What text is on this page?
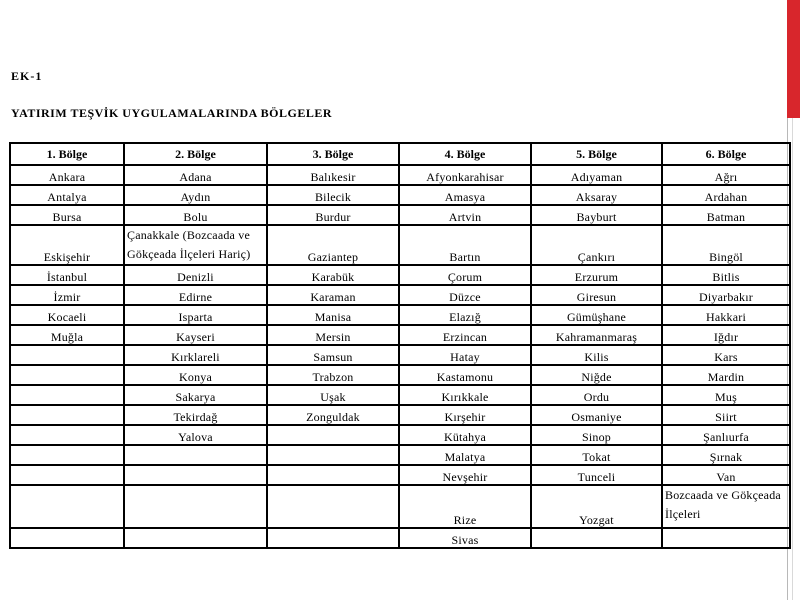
EK-1
YATIRIM TEŞVİK UYGULAMALARINDA BÖLGELER
1. Bölge	2. Bölge	3. Bölge	4. Bölge	5. Bölge	6. Bölge
Ankara	Adana	Balıkesir	Afyonkarahisar	Adıyaman	Ağrı
Antalya	Aydın	Bilecik	Amasya	Aksaray	Ardahan
Bursa	Bolu	Burdur	Artvin	Bayburt	Batman
Eskişehir	Çanakkale (Bozcaada ve Gökçeada İlçeleri Hariç)	Gaziantep	Bartın	Çankırı	Bingöl
İstanbul	Denizli	Karabük	Çorum	Erzurum	Bitlis
İzmir	Edirne	Karaman	Düzce	Giresun	Diyarbakır
Kocaeli	Isparta	Manisa	Elazığ	Gümüşhane	Hakkari
Muğla	Kayseri	Mersin	Erzincan	Kahramanmaraş	Iğdır
	Kırklareli	Samsun	Hatay	Kilis	Kars
	Konya	Trabzon	Kastamonu	Niğde	Mardin
	Sakarya	Uşak	Kırıkkale	Ordu	Muş
	Tekirdağ	Zonguldak	Kırşehir	Osmaniye	Siirt
	Yalova		Kütahya	Sinop	Şanlıurfa
			Malatya	Tokat	Şırnak
			Nevşehir	Tunceli	Van
			Rize	Yozgat	Bozcaada ve Gökçeada İlçeleri
			Sivas		
